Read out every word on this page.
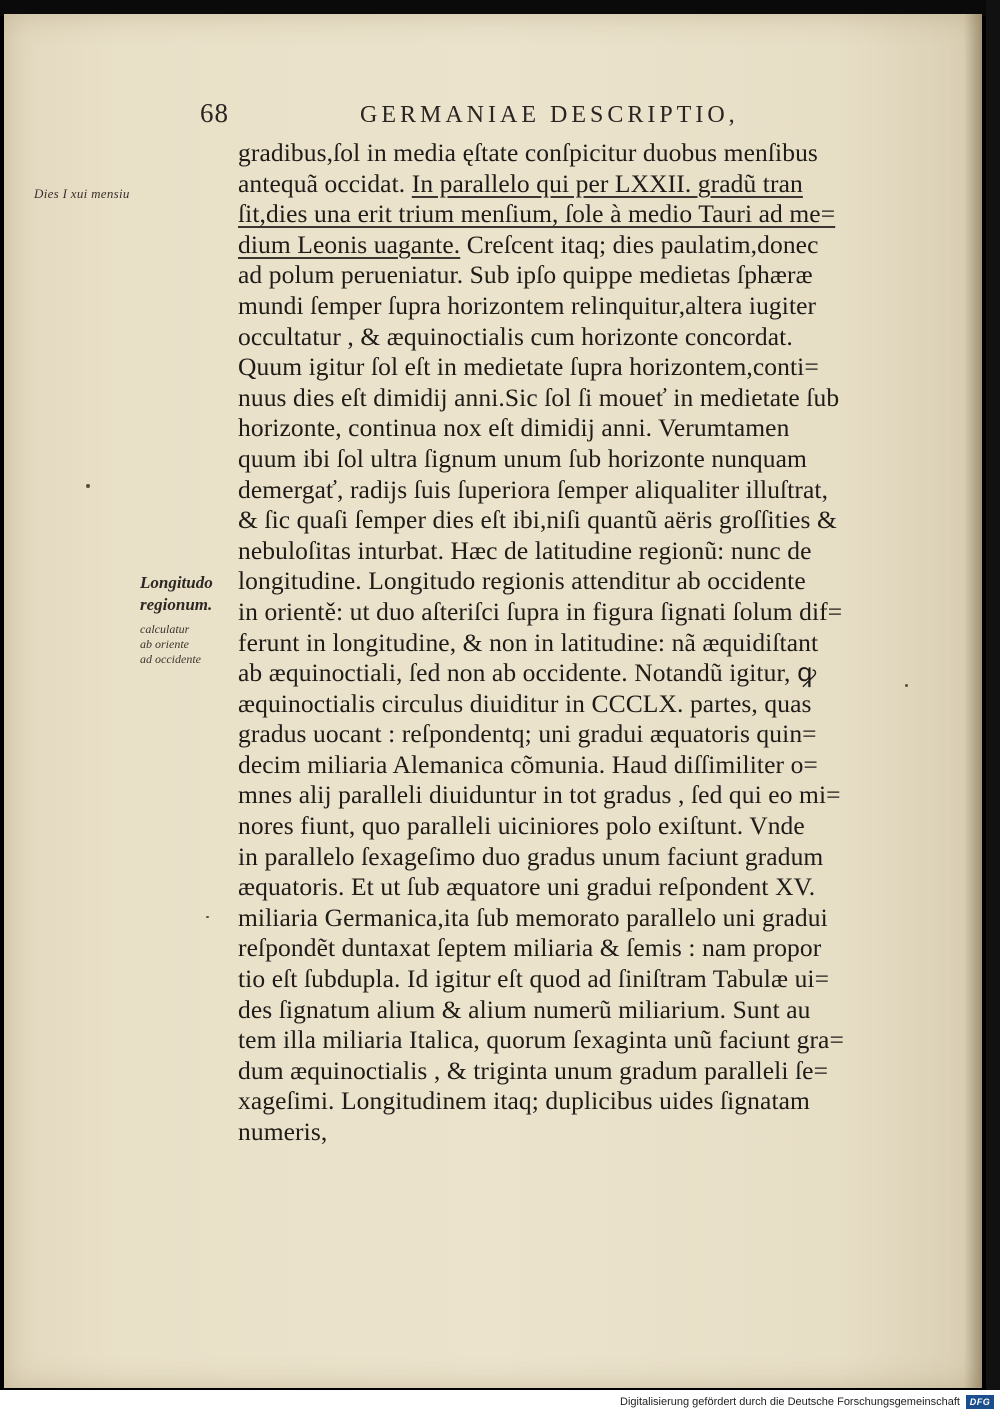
68	GERMANIAE DESCRIPTIO,
gradibus,ſol in media ęſtate conſpicitur duobus menſibus
antequã occidat. In parallelo qui per LXXII. gradũ tran
ſit,dies una erit trium menſium, ſole à medio Tauri ad me=
dium Leonis uagante. Creſcent itaq; dies paulatim,donec
ad polum perueniatur. Sub ipſo quippe medietas ſphæræ
mundi ſemper ſupra horizontem relinquitur,altera iugiter
occultatur , & æquinoctialis cum horizonte concordat.
Quum igitur ſol eſt in medietate ſupra horizontem,conti=
nuus dies eſt dimidij anni.Sic ſol ſi moueť in medietate ſub
horizonte, continua nox eſt dimidij anni. Verumtamen
quum ibi ſol ultra ſignum unum ſub horizonte nunquam
demergať, radijs ſuis ſuperiora ſemper aliqualiter illuſtrat,
& ſic quaſi ſemper dies eſt ibi,niſi quantũ aëris groſſities &
nebuloſitas inturbat. Hæc de latitudine regionũ: nunc de
longitudine. Longitudo regionis attenditur ab occidente
in orientě: ut duo aſteriſci ſupra in figura ſignati ſolum dif=
ferunt in longitudine, & non in latitudine: nã æquidiſtant
ab æquinoctiali, ſed non ab occidente. Notandũ igitur, ꝙ
æquinoctialis circulus diuiditur in CCCLX. partes, quas
gradus uocant : reſpondentq; uni gradui æquatoris quin=
decim miliaria Alemanica cõmunia. Haud diſſimiliter o=
mnes alij paralleli diuiduntur in tot gradus , ſed qui eo mi=
nores fiunt, quo paralleli uiciniores polo exiſtunt. Vnde
in parallelo ſexageſimo duo gradus unum faciunt gradum
æquatoris. Et ut ſub æquatore uni gradui reſpondent XV.
miliaria Germanica,ita ſub memorato parallelo uni gradui
reſpondẽt duntaxat ſeptem miliaria & ſemis : nam propor
tio eſt ſubdupla. Id igitur eſt quod ad ſiniſtram Tabulæ ui=
des ſignatum alium & alium numerũ miliarium. Sunt au
tem illa miliaria Italica, quorum ſexaginta unũ faciunt gra=
dum æquinoctialis , & triginta unum gradum paralleli ſe=
xageſimi. Longitudinem itaq; duplicibus uides ſignatam
numeris,
Dies I xui mensiu
Longitudo
regionum.
calculatur
ab oriente
ad occidente
Digitalisierung gefördert durch die Deutsche Forschungsgemeinschaft	DFG
